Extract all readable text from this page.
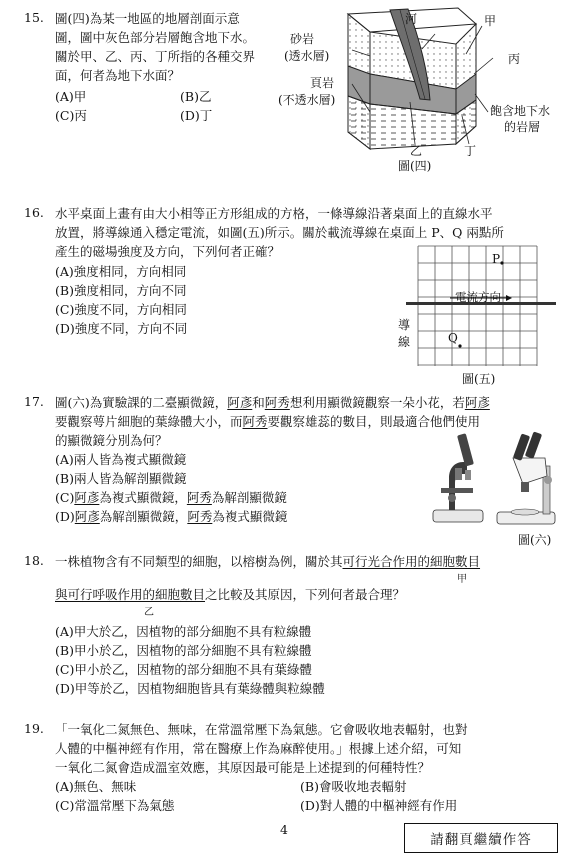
15. 圖(四)為某一地區的地層剖面示意
圖，圖中灰色部分岩層飽含地下水。
關於甲、乙、丙、丁所指的各種交界
面，何者為地下水面？
(A)甲	(B)乙
(C)丙	(D)丁
河	甲
丙
砂岩
(透水層)
頁岩
(不透水層)
飽含地下水
的岩層
乙	丁
圖(四)
16. 水平桌面上畫有由大小相等正方形組成的方格，一條導線沿著桌面上的直線水平
放置，將導線通入穩定電流，如圖(五)所示。關於載流導線在桌面上 P、Q 兩點所
產生的磁場強度及方向，下列何者正確？
(A)強度相同，方向相同
(B)強度相同，方向不同
(C)強度不同，方向相同
(D)強度不同，方向不同
P
Q
電流方向
導
線
圖(五)
17. 圖(六)為實驗課的二臺顯微鏡，阿彥和阿秀想利用顯微鏡觀察一朵小花，若阿彥
要觀察萼片細胞的葉綠體大小，而阿秀要觀察雄蕊的數目，則最適合他們使用
的顯微鏡分別為何？
(A)兩人皆為複式顯微鏡
(B)兩人皆為解剖顯微鏡
(C)阿彥為複式顯微鏡，阿秀為解剖顯微鏡
(D)阿彥為解剖顯微鏡，阿秀為複式顯微鏡
圖(六)
18. 一株植物含有不同類型的細胞，以榕樹為例，關於其可行光合作用的細胞數目
甲
與可行呼吸作用的細胞數目之比較及其原因，下列何者最合理？
乙
(A)甲大於乙，因植物的部分細胞不具有粒線體
(B)甲小於乙，因植物的部分細胞不具有粒線體
(C)甲小於乙，因植物的部分細胞不具有葉綠體
(D)甲等於乙，因植物細胞皆具有葉綠體與粒線體
19. 「一氧化二氮無色、無味，在常溫常壓下為氣態。它會吸收地表輻射，也對
人體的中樞神經有作用，常在醫療上作為麻醉使用。」根據上述介紹，可知
一氧化二氮會造成溫室效應，其原因最可能是上述提到的何種特性？
(A)無色、無味	(B)會吸收地表輻射
(C)常溫常壓下為氣態	(D)對人體的中樞神經有作用
4
請翻頁繼續作答
